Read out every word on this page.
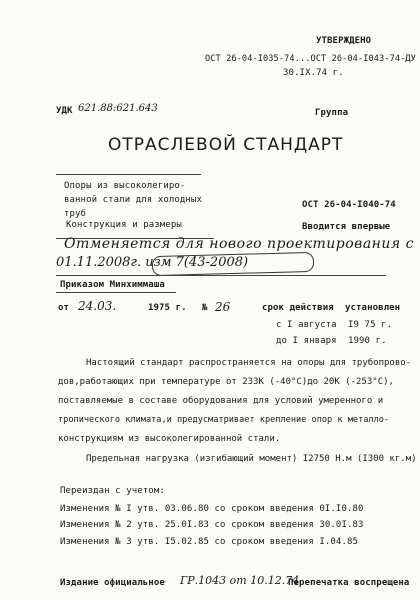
УТВЕРЖДЕНО
ОСТ 26-04-I035-74...ОСТ 26-04-I043-74-ДУ
30.IX.74 г.
УДК 621.88:621.643	Группа
ОТРАСЛЕВОЙ СТАНДАРТ
Опоры из высоколегиро-
ванной стали для холодных
труб
Конструкция и размеры
ОСТ 26-04-I040-74
Вводится впервые
Отменяется для нового проектирования с
01.11.2008г. изм 7(43-2008)
Приказом Минхиммаша
от 24.03.	1975 г. № 26	срок действия установлен
с I августа I9 75 г.
до I января 1990 г.
Настоящий стандарт распространяется на опоры для трубопрово-
дов,работающих при температуре от 233К (-40°С)до 20К (-253°С),
поставляемые в составе оборудования для условий умеренного и
тропического климата,и предусматривает крепление опор к металло-
конструкциям из высоколегированной стали.
Предельная нагрузка (изгибающий момент) I2750 Н.м (I300 кг.м)
Переиздан с учетом:
Изменения № I утв. 03.06.80 со сроком введения 0I.I0.80
Изменения № 2 утв. 25.0I.83 со сроком введения 30.0I.83
Изменения № 3 утв. I5.02.85 со сроком введения I.04.85
Издание официальное ГР.1043 от 10.12.74
Перепечатка воспрещена
